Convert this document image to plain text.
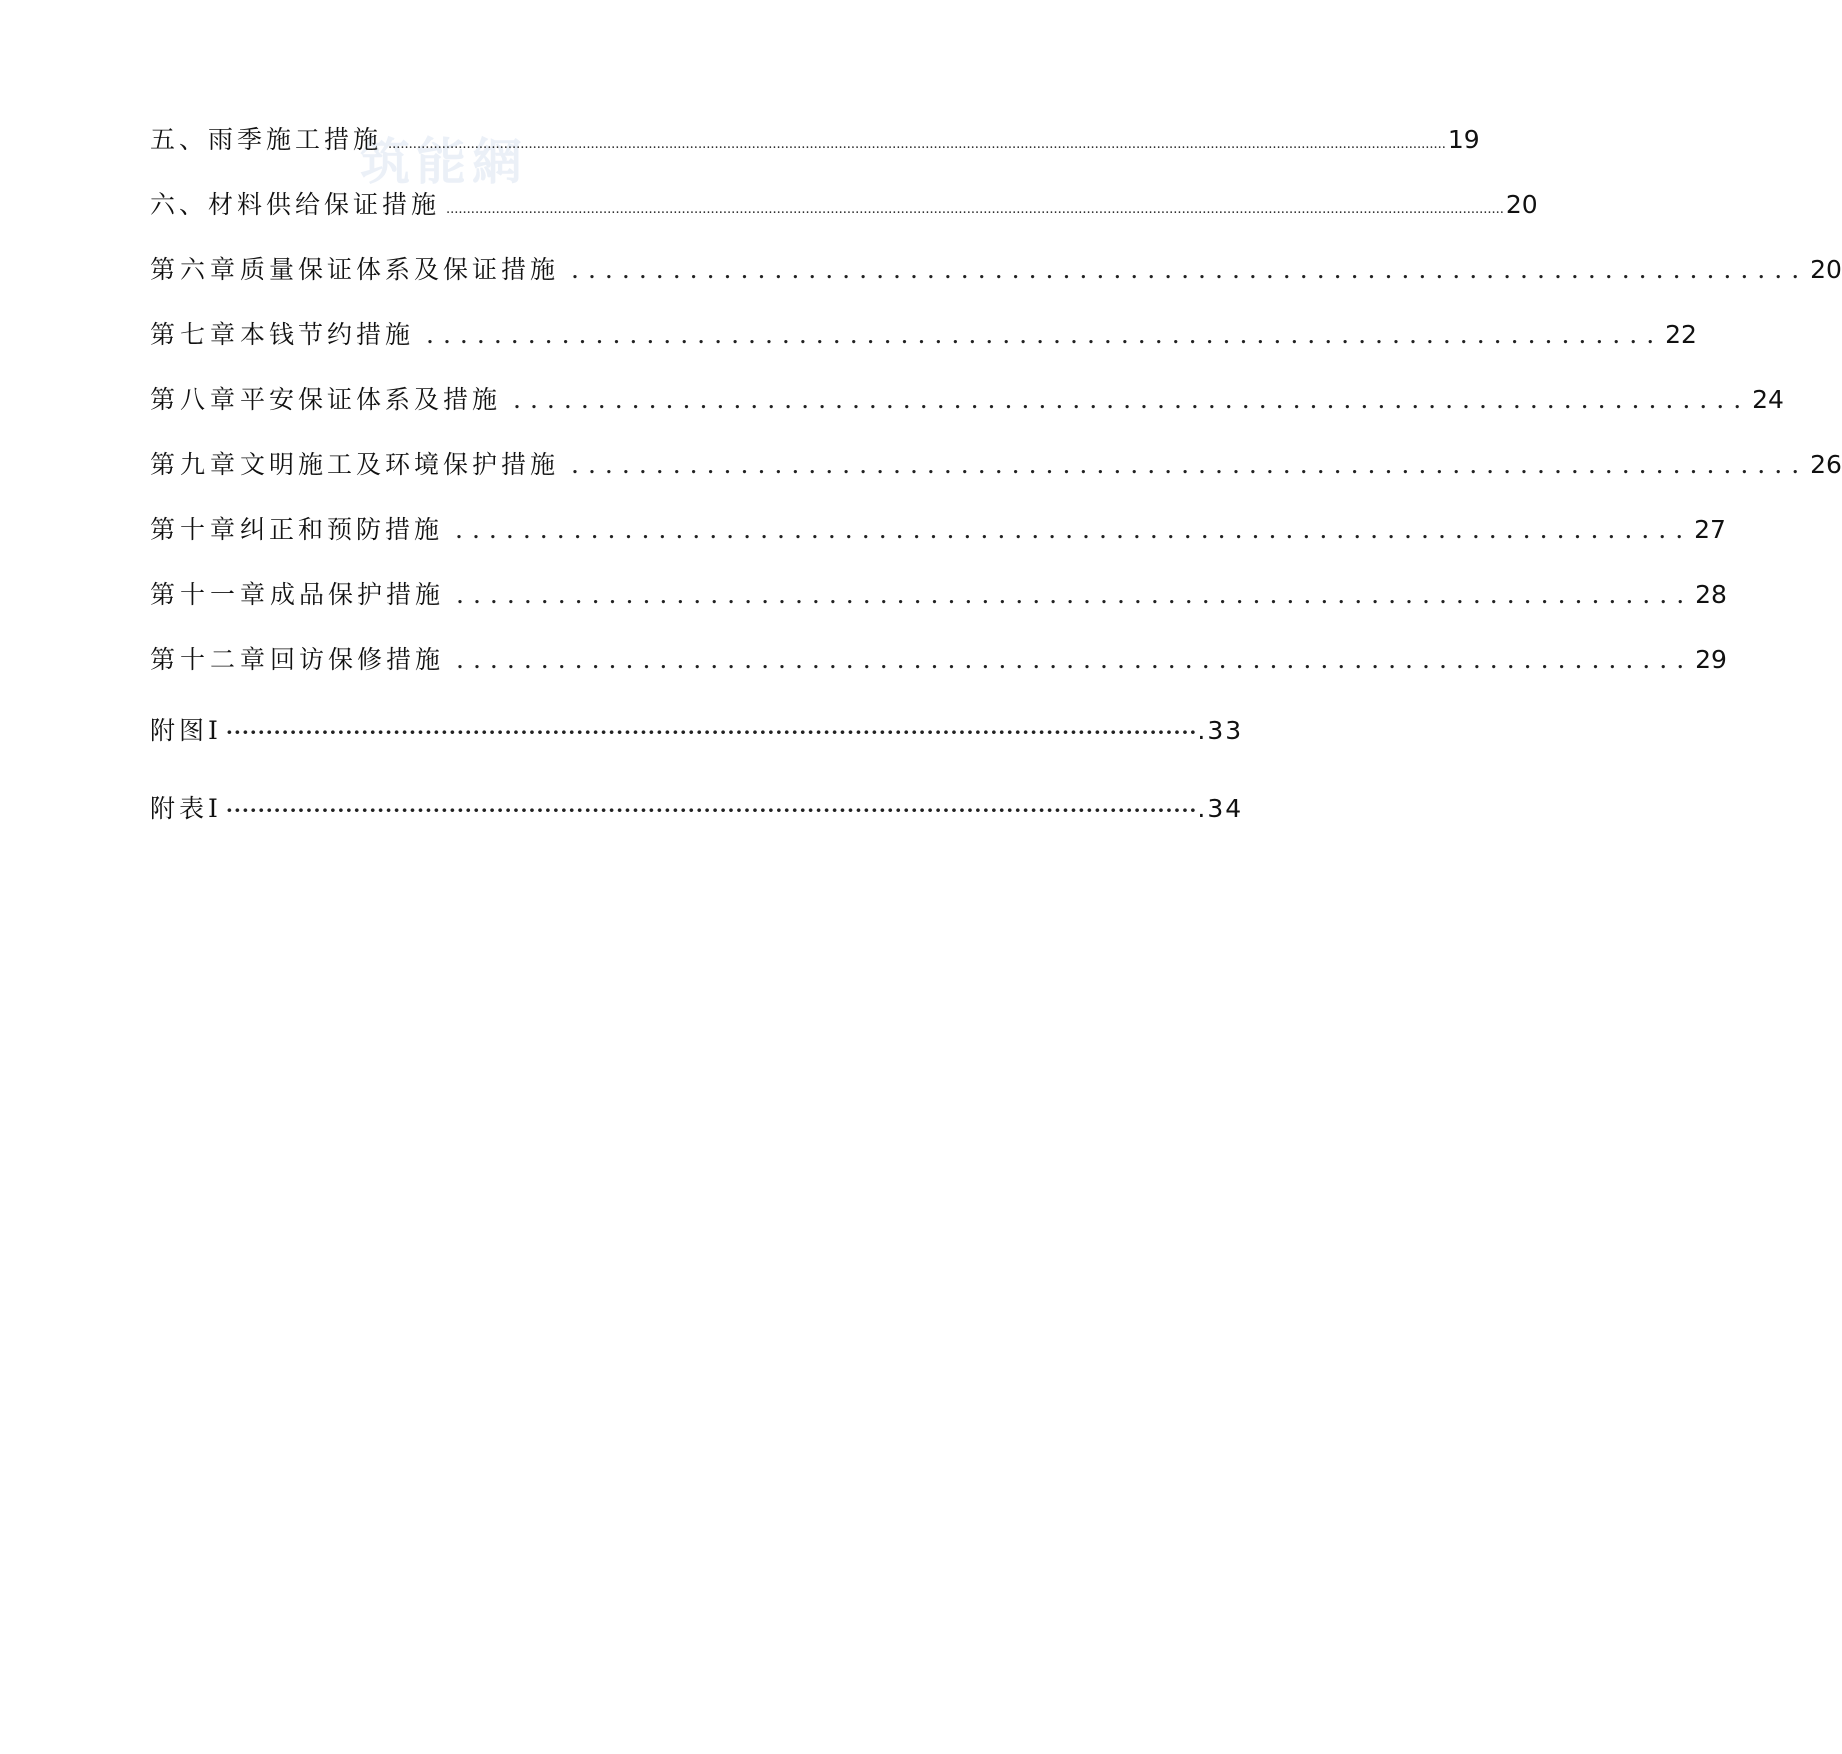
筑能網
五、雨季施工措施 ................................................................................................................................................................................................................................................................ 19
六、材料供给保证措施 ................................................................................................................................................................................................................................................................ 20
第六章 质量保证体系及保证措施 ......................................................................... 20
第七章 本钱节约措施 ......................................................................... 22
第八章 平安保证体系及措施 ......................................................................... 24
第九章 文明施工及环境保护措施 ......................................................................... 26
第十章 纠正和预防措施 ......................................................................... 27
第十一章 成品保护措施 ......................................................................... 28
第十二章 回访保修措施 ......................................................................... 29
附图Ⅰ ·························································································································· .33
附表Ⅰ ·························································································································· .34
